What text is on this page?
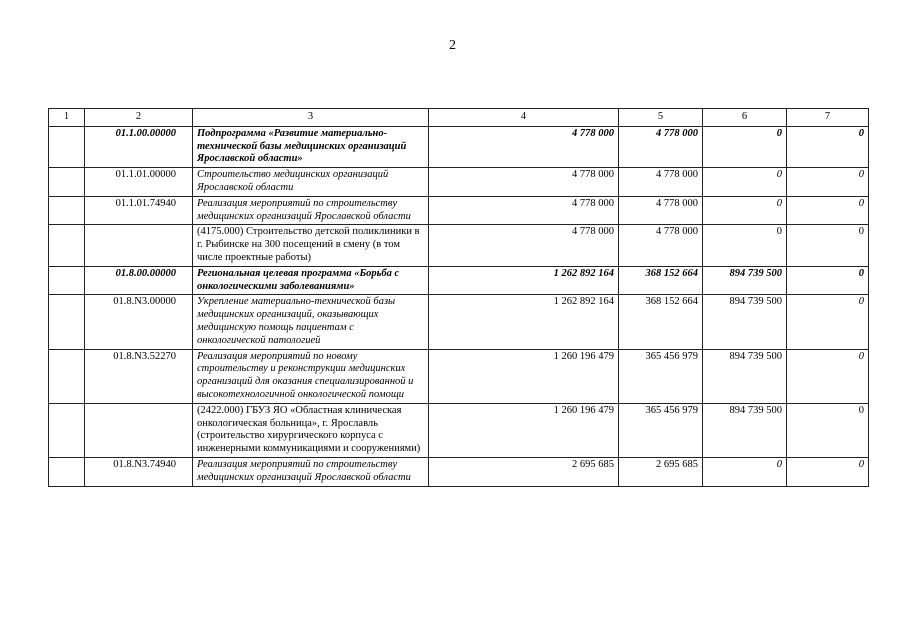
2
1	2	3	4	5	6	7
	01.1.00.00000	Подпрограмма «Развитие материально-технической базы медицинских организаций Ярославской области»	4 778 000	4 778 000	0	0
	01.1.01.00000	Строительство медицинских организаций Ярославской области	4 778 000	4 778 000	0	0
	01.1.01.74940	Реализация мероприятий по строительству медицинских организаций Ярославской области	4 778 000	4 778 000	0	0
		(4175.000) Строительство детской поликлиники в г. Рыбинске на 300 посещений в смену (в том числе проектные работы)	4 778 000	4 778 000	0	0
	01.8.00.00000	Региональная целевая программа «Борьба с онкологическими заболеваниями»	1 262 892 164	368 152 664	894 739 500	0
	01.8.N3.00000	Укрепление материально-технической базы медицинских организаций, оказывающих медицинскую помощь пациентам с онкологической патологией	1 262 892 164	368 152 664	894 739 500	0
	01.8.N3.52270	Реализация мероприятий по новому строительству и реконструкции медицинских организаций для оказания специализированной и высокотехнологичной онкологической помощи	1 260 196 479	365 456 979	894 739 500	0
		(2422.000) ГБУЗ ЯО «Областная клиническая онкологическая больница», г. Ярославль (строительство хирургического корпуса с инженерными коммуникациями и сооружениями)	1 260 196 479	365 456 979	894 739 500	0
	01.8.N3.74940	Реализация мероприятий по строительству медицинских организаций Ярославской области	2 695 685	2 695 685	0	0
